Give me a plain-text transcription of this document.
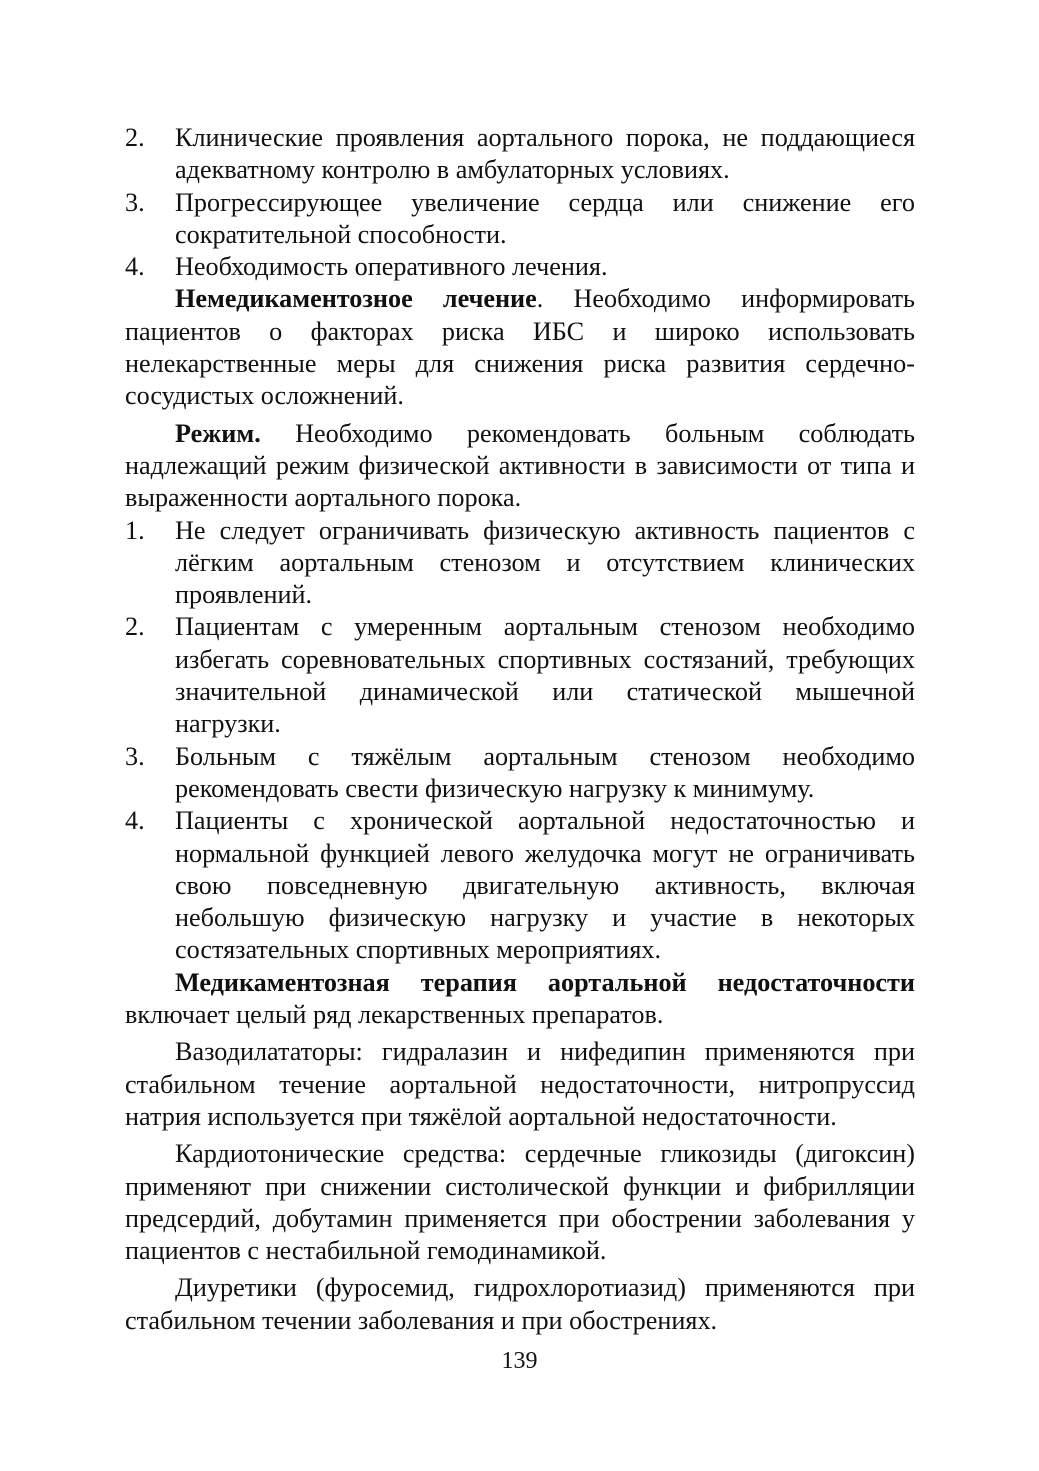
2. Клинические проявления аортального порока, не поддающиеся адекватному контролю в амбулаторных условиях.
3. Прогрессирующее увеличение сердца или снижение его сократительной способности.
4. Необходимость оперативного лечения.

Немедикаментозное лечение. Необходимо информировать пациентов о факторах риска ИБС и широко использовать нелекарственные меры для снижения риска развития сердечно-сосудистых осложнений.

Режим. Необходимо рекомендовать больным соблюдать надлежащий режим физической активности в зависимости от типа и выраженности аортального порока.

1. Не следует ограничивать физическую активность пациентов с лёгким аортальным стенозом и отсутствием клинических проявлений.
2. Пациентам с умеренным аортальным стенозом необходимо избегать соревновательных спортивных состязаний, требующих значительной динамической или статической мышечной нагрузки.
3. Больным с тяжёлым аортальным стенозом необходимо рекомендовать свести физическую нагрузку к минимуму.
4. Пациенты с хронической аортальной недостаточностью и нормальной функцией левого желудочка могут не ограничивать свою повседневную двигательную активность, включая небольшую физическую нагрузку и участие в некоторых состязательных спортивных мероприятиях.

Медикаментозная терапия аортальной недостаточности включает целый ряд лекарственных препаратов.

Вазодилататоры: гидралазин и нифедипин применяются при стабильном течение аортальной недостаточности, нитропруссид натрия используется при тяжёлой аортальной недостаточности.

Кардиотонические средства: сердечные гликозиды (дигоксин) применяют при снижении систолической функции и фибрилляции предсердий, добутамин применяется при обострении заболевания у пациентов с нестабильной гемодинамикой.

Диуретики (фуросемид, гидрохлоротиазид) применяются при стабильном течении заболевания и при обострениях.

139
